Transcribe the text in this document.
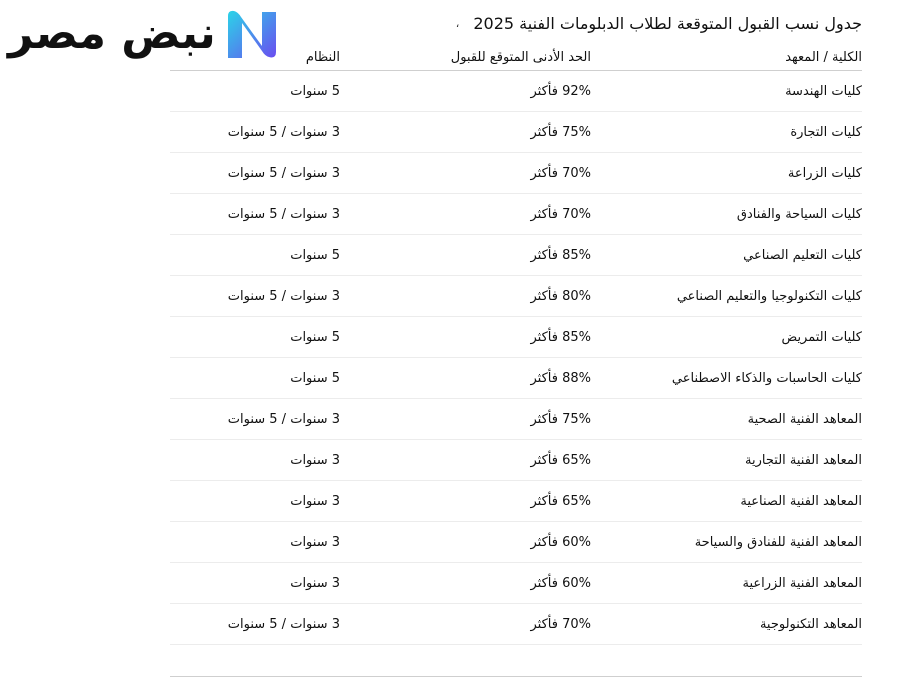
نبض مصر	جدول نسب القبول المتوقعة لطلاب الدبلومات الفنية 2025
،
الكلية / المعهد	الحد الأدنى المتوقع للقبول	النظام
كليات الهندسة	92% فأكثر	5 سنوات
كليات التجارة	75% فأكثر	3 سنوات / 5 سنوات
كليات الزراعة	70% فأكثر	3 سنوات / 5 سنوات
كليات السياحة والفنادق	70% فأكثر	3 سنوات / 5 سنوات
كليات التعليم الصناعي	85% فأكثر	5 سنوات
كليات التكنولوجيا والتعليم الصناعي	80% فأكثر	3 سنوات / 5 سنوات
كليات التمريض	85% فأكثر	5 سنوات
كليات الحاسبات والذكاء الاصطناعي	88% فأكثر	5 سنوات
المعاهد الفنية الصحية	75% فأكثر	3 سنوات / 5 سنوات
المعاهد الفنية التجارية	65% فأكثر	3 سنوات
المعاهد الفنية الصناعية	65% فأكثر	3 سنوات
المعاهد الفنية للفنادق والسياحة	60% فأكثر	3 سنوات
المعاهد الفنية الزراعية	60% فأكثر	3 سنوات
المعاهد التكنولوجية	70% فأكثر	3 سنوات / 5 سنوات
